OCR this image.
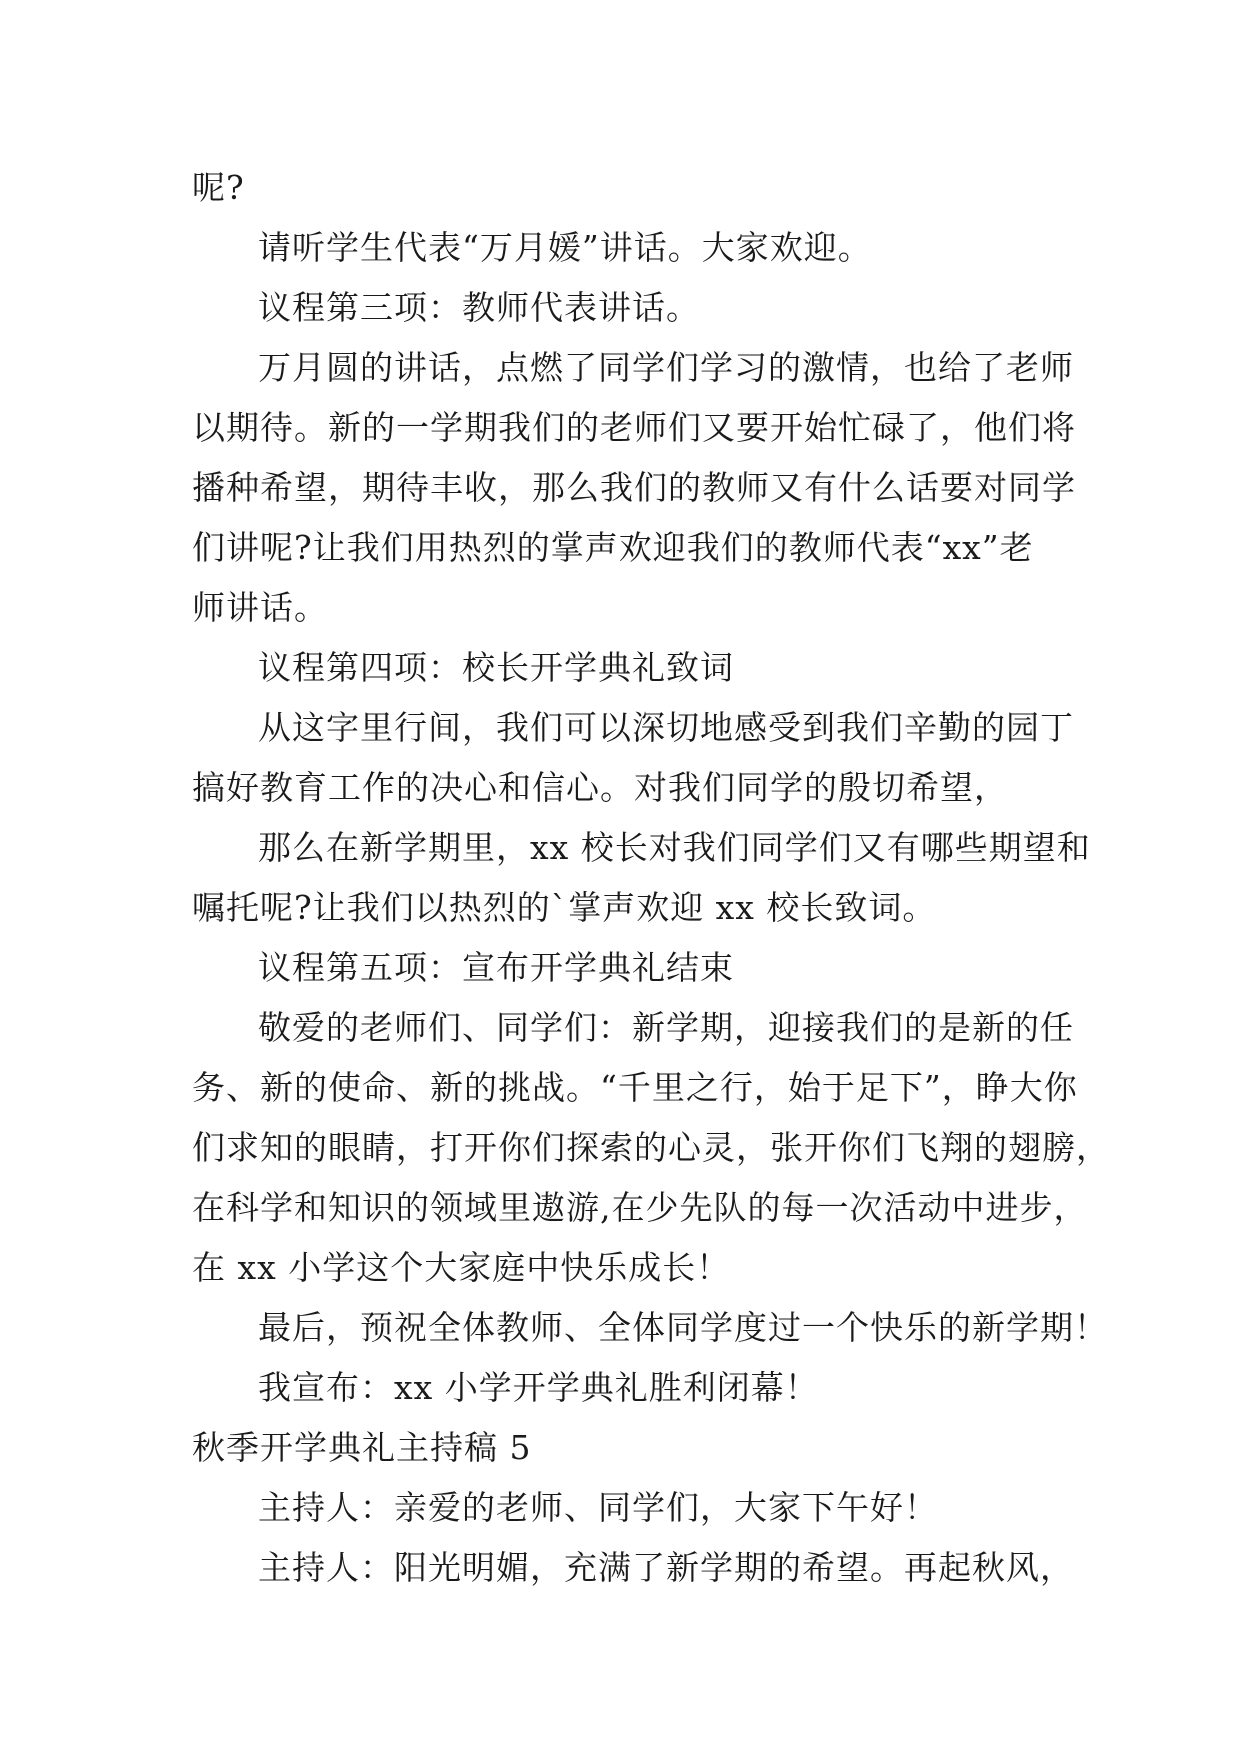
呢?
请听学生代表“万月媛”讲话。大家欢迎。
议程第三项：教师代表讲话。
万月圆的讲话，点燃了同学们学习的激情，也给了老师
以期待。新的一学期我们的老师们又要开始忙碌了，他们将
播种希望，期待丰收，那么我们的教师又有什么话要对同学
们讲呢?让我们用热烈的掌声欢迎我们的教师代表“xx”老
师讲话。
议程第四项：校长开学典礼致词
从这字里行间，我们可以深切地感受到我们辛勤的园丁
搞好教育工作的决心和信心。对我们同学的殷切希望，
那么在新学期里，xx 校长对我们同学们又有哪些期望和
嘱托呢?让我们以热烈的`掌声欢迎 xx 校长致词。
议程第五项：宣布开学典礼结束
敬爱的老师们、同学们：新学期，迎接我们的是新的任
务、新的使命、新的挑战。“千里之行，始于足下”，睁大你
们求知的眼睛，打开你们探索的心灵，张开你们飞翔的翅膀，
在科学和知识的领域里遨游,在少先队的每一次活动中进步，
在 xx 小学这个大家庭中快乐成长！
最后，预祝全体教师、全体同学度过一个快乐的新学期！
我宣布：xx 小学开学典礼胜利闭幕！
秋季开学典礼主持稿 5
主持人：亲爱的老师、同学们，大家下午好！
主持人：阳光明媚，充满了新学期的希望。再起秋风，
